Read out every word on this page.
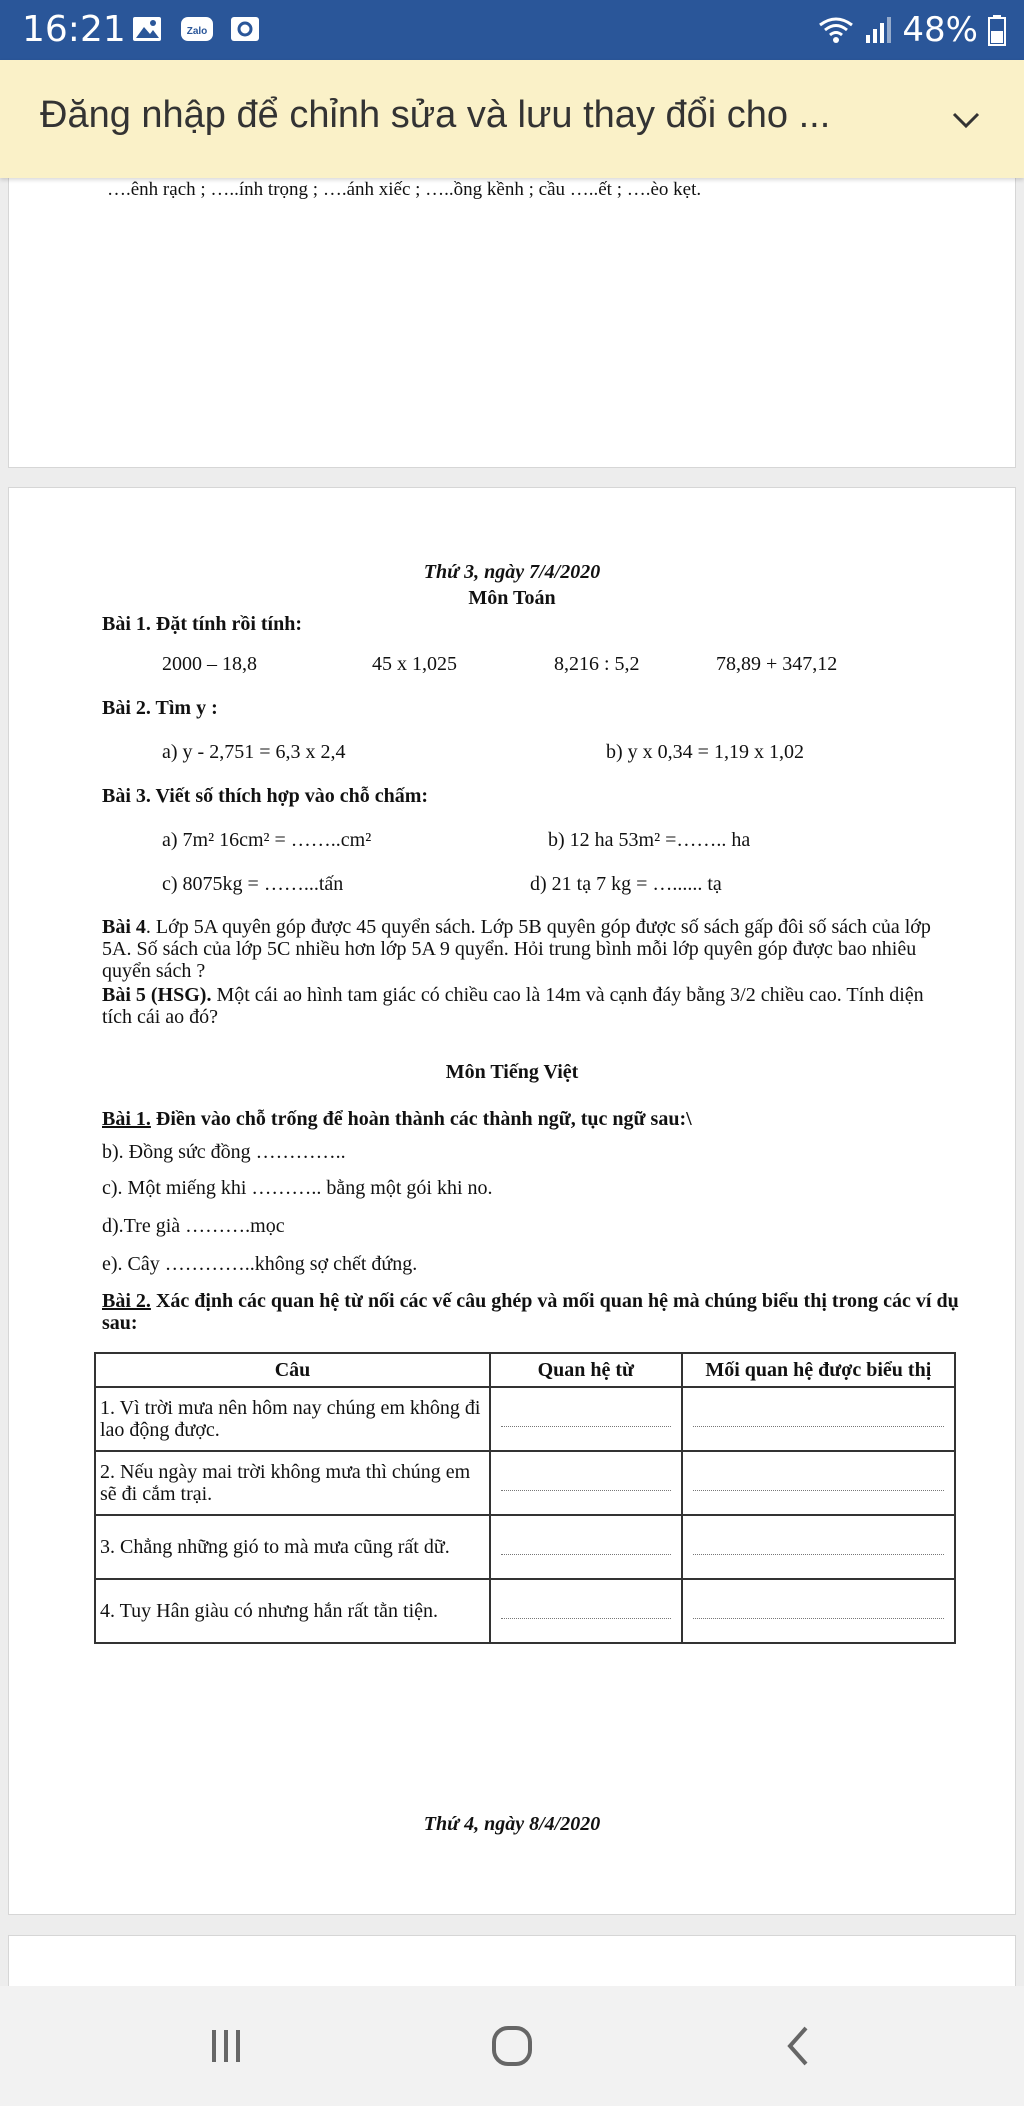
16:21	Zalo	48%
….ênh rạch ; …..ính trọng ; ….ánh xiếc ; …..ồng kềnh ; cầu …..ết ; ….èo kẹt.
Thứ 3, ngày 7/4/2020
Môn Toán
Bài 1. Đặt tính rồi tính:
2000 – 18,8	45 x 1,025	8,216 : 5,2	78,89 + 347,12
Bài 2. Tìm y :
a) y - 2,751 = 6,3 x 2,4	b) y x 0,34 = 1,19 x 1,02
Bài 3. Viết số thích hợp vào chỗ chấm:
a) 7m² 16cm² = ……..cm²	b) 12 ha 53m² =…….. ha
c) 8075kg = ……...tấn	d) 21 tạ 7 kg = …...... tạ
Bài 4. Lớp 5A quyên góp được 45 quyển sách. Lớp 5B quyên góp được số sách gấp đôi số sách của lớp 5A. Số sách của lớp 5C nhiều hơn lớp 5A 9 quyển. Hỏi trung bình mỗi lớp quyên góp được bao nhiêu quyển sách ?
Bài 5 (HSG). Một cái ao hình tam giác có chiều cao là 14m và cạnh đáy bằng 3/2 chiều cao. Tính diện tích cái ao đó?
Môn Tiếng Việt
Bài 1. Điền vào chỗ trống để hoàn thành các thành ngữ, tục ngữ sau:\
b). Đồng sức đồng …………..
c). Một miếng khi ……….. bằng một gói khi no.
d).Tre già ……….mọc
e). Cây …………..không sợ chết đứng.
Bài 2. Xác định các quan hệ từ nối các vế câu ghép và mối quan hệ mà chúng biểu thị trong các ví dụ sau:
Câu	Quan hệ từ	Mối quan hệ được biểu thị
1. Vì trời mưa nên hôm nay chúng em không đi lao động được.	

2. Nếu ngày mai trời không mưa thì chúng em sẽ đi cắm trại.	

3. Chẳng những gió to mà mưa cũng rất dữ.	

4. Tuy Hân giàu có nhưng hắn rất tằn tiện.	

Thứ 4, ngày 8/4/2020
Đăng nhập để chỉnh sửa và lưu thay đổi cho ...
